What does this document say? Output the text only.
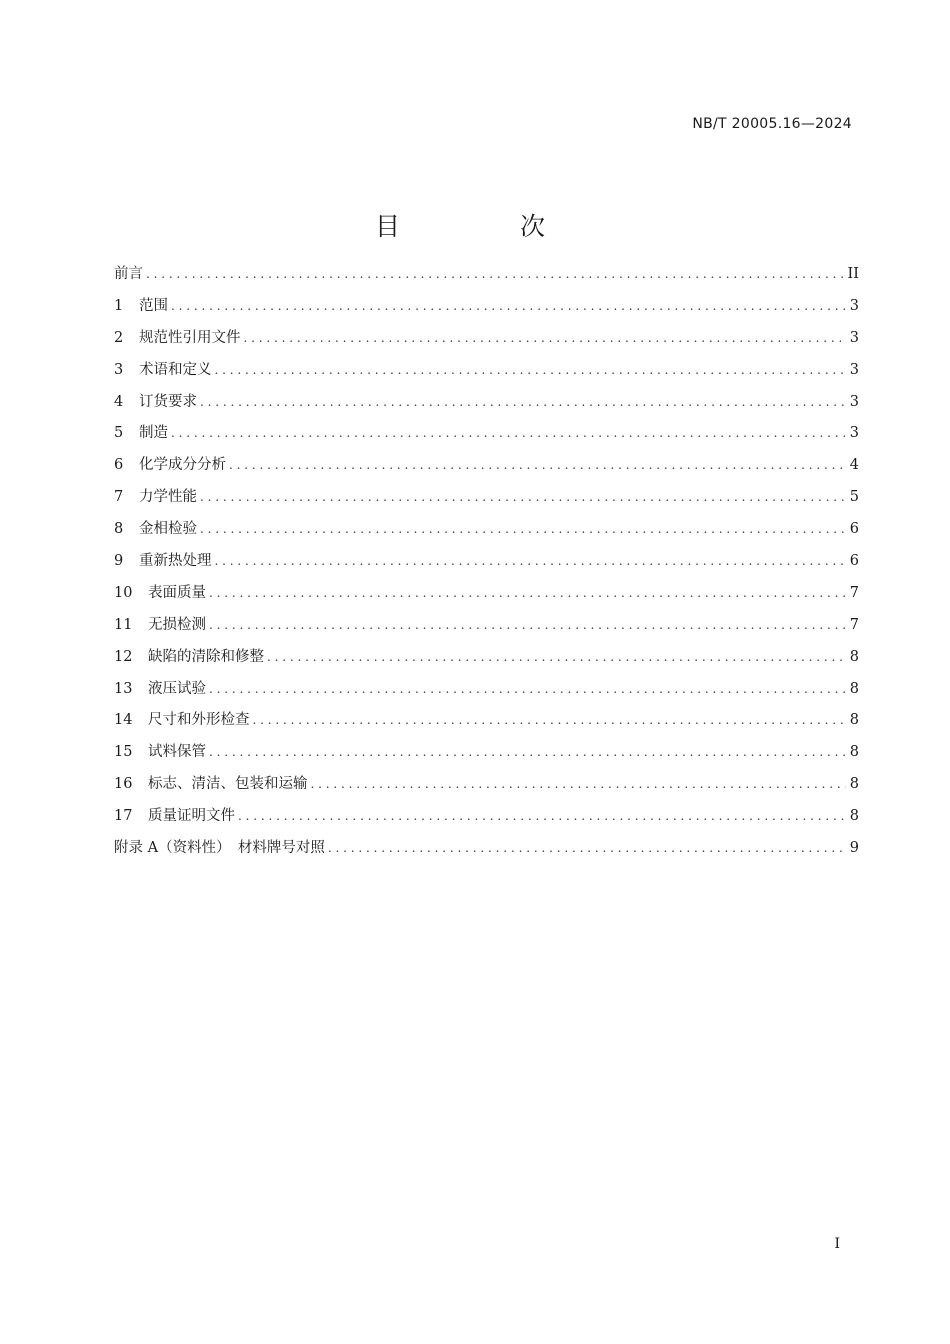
NB/T 20005.16—2024
目 次
前言 . . .	II
1	范围 . . .	3
2	规范性引用文件 . . .	3
3	术语和定义 . . .	3
4	订货要求 . . .	3
5	制造 . . .	3
6	化学成分分析 . . .	4
7	力学性能 . . .	5
8	金相检验 . . .	6
9	重新热处理 . . .	6
10	表面质量 . . .	7
11	无损检测 . . .	7
12	缺陷的清除和修整 . . .	8
13	液压试验 . . .	8
14	尺寸和外形检查 . . .	8
15	试料保管 . . .	8
16	标志、清洁、包装和运输 . . .	8
17	质量证明文件 . . .	8
附录 A（资料性）　材料牌号对照 . . .	9
I
